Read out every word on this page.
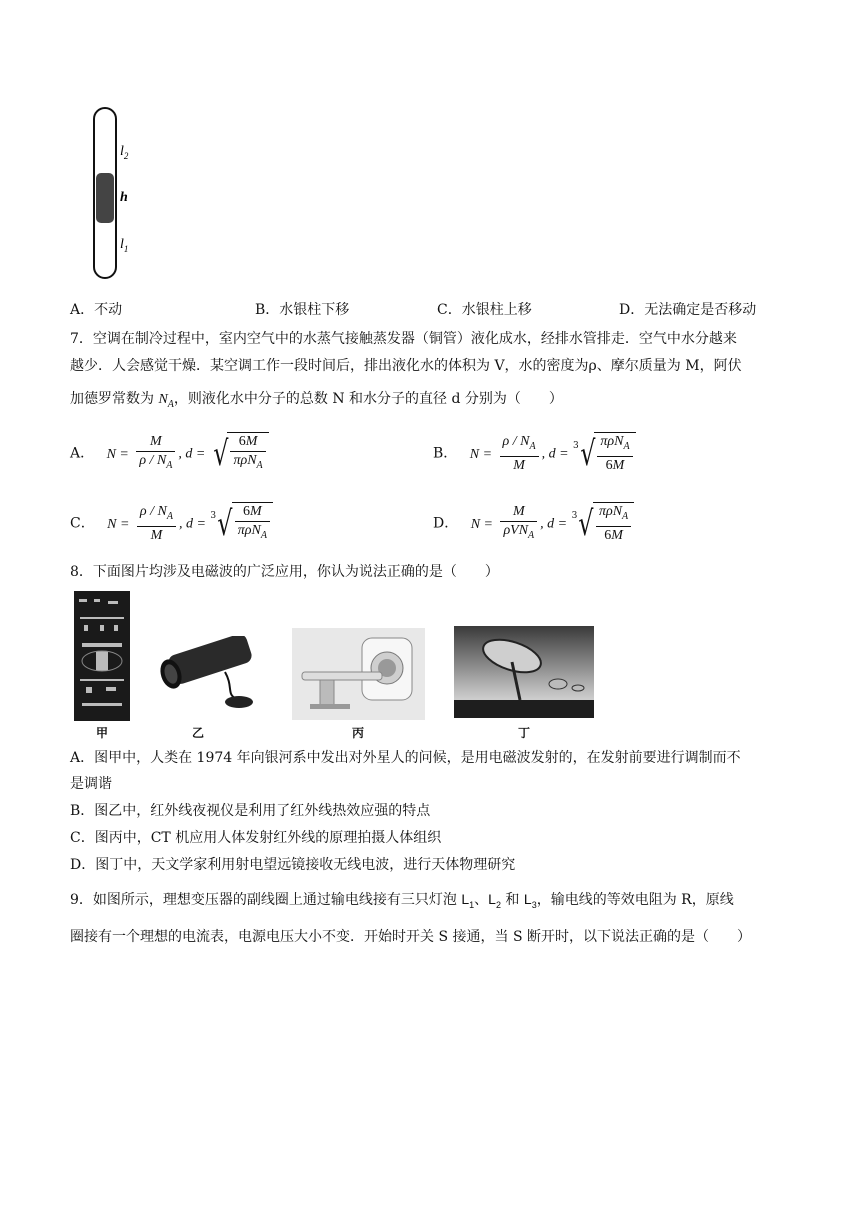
$l_2$
h
$l_1$
A．不动	B．水银柱下移	C．水银柱上移	D．无法确定是否移动
7．空调在制冷过程中，室内空气中的水蒸气接触蒸发器（铜管）液化成水，经排水管排走．空气中水分越来
越少．人会感觉干燥．某空调工作一段时间后，排出液化水的体积为 V，水的密度为ρ、摩尔质量为 M，阿伏
加德罗常数为 $N_A$，则液化水中分子的总数 N 和水分子的直径 d 分别为（　　）
A． $N = \frac{M}{\rho / N_A}$ , d = √ $\frac{6M}{\pi\rho N_A}$	B． $N = \frac{\rho / N_A}{M}$ , $d = ^3√ \frac{\pi\rho N_A}{6M}$
C． $N = \frac{\rho / N_A}{M}$ , $d = ^3√ \frac{6M}{\pi\rho N_A}$	D． $N = \frac{M}{\rho VN_A}$ , $d = ^3√ \frac{\pi\rho N_A}{6M}$
8．下面图片均涉及电磁波的广泛应用，你认为说法正确的是（　　）
甲	乙	丙	丁
A．图甲中，人类在 1974 年向银河系中发出对外星人的问候，是用电磁波发射的，在发射前要进行调制而不
是调谐
B．图乙中，红外线夜视仪是利用了红外线热效应强的特点
C．图丙中，CT 机应用人体发射红外线的原理拍摄人体组织
D．图丁中，天文学家利用射电望远镜接收无线电波，进行天体物理研究
9．如图所示，理想变压器的副线圈上通过输电线接有三只灯泡 $L_1$、$L_2$ 和 $L_3$，输电线的等效电阻为 R，原线
圈接有一个理想的电流表，电源电压大小不变．开始时开关 S 接通，当 S 断开时，以下说法正确的是（　　）
